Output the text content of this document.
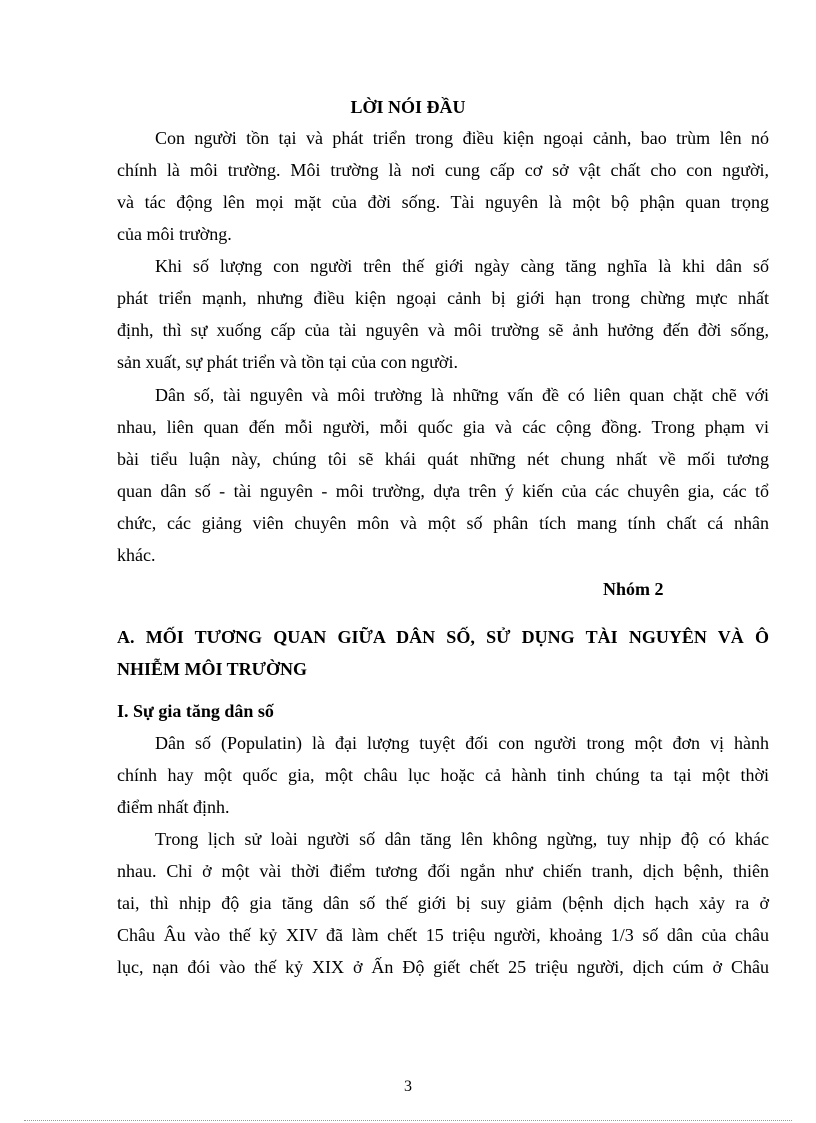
LỜI NÓI ĐẦU

Con người tồn tại và phát triển trong điều kiện ngoại cảnh, bao trùm lên nó

chính là môi trường. Môi trường là nơi cung cấp cơ sở vật chất cho con người,

và tác động lên mọi mặt của đời sống. Tài nguyên là một bộ phận quan trọng

của môi trường.

Khi số lượng con người trên thế giới ngày càng tăng nghĩa là khi dân số

phát triển mạnh, nhưng điều kiện ngoại cảnh bị giới hạn trong chừng mực nhất

định, thì sự xuống cấp của tài nguyên và môi trường sẽ ảnh hưởng đến đời sống,

sản xuất, sự phát triển và tồn tại của con người.

Dân số, tài nguyên và môi trường là những vấn đề có liên quan chặt chẽ với

nhau, liên quan đến mỗi người, mỗi quốc gia và các cộng đồng. Trong phạm vi

bài tiểu luận này, chúng tôi sẽ khái quát những nét chung nhất về mối tương

quan dân số - tài nguyên - môi trường, dựa trên ý kiến của các chuyên gia, các tổ

chức, các giảng viên chuyên môn và một số phân tích mang tính chất cá nhân

khác.

Nhóm 2

A. MỐI TƯƠNG QUAN GIỮA DÂN SỐ, SỬ DỤNG TÀI NGUYÊN VÀ Ô

NHIỄM MÔI TRƯỜNG

I. Sự gia tăng dân số

Dân số (Populatin) là đại lượng tuyệt đối con người trong một đơn vị hành

chính hay một quốc gia, một châu lục hoặc cả hành tinh chúng ta tại một thời

điểm nhất định.

Trong lịch sử loài người số dân tăng lên không ngừng, tuy nhịp độ có khác

nhau. Chỉ ở một vài thời điểm tương đối ngắn như chiến tranh, dịch bệnh, thiên

tai, thì nhịp độ gia tăng dân số thế giới bị suy giảm (bệnh dịch hạch xảy ra ở

Châu Âu vào thế kỷ XIV đã làm chết 15 triệu người, khoảng 1/3 số dân của châu

lục, nạn đói vào thế kỷ XIX ở Ấn Độ giết chết 25 triệu người, dịch cúm ở Châu

3
